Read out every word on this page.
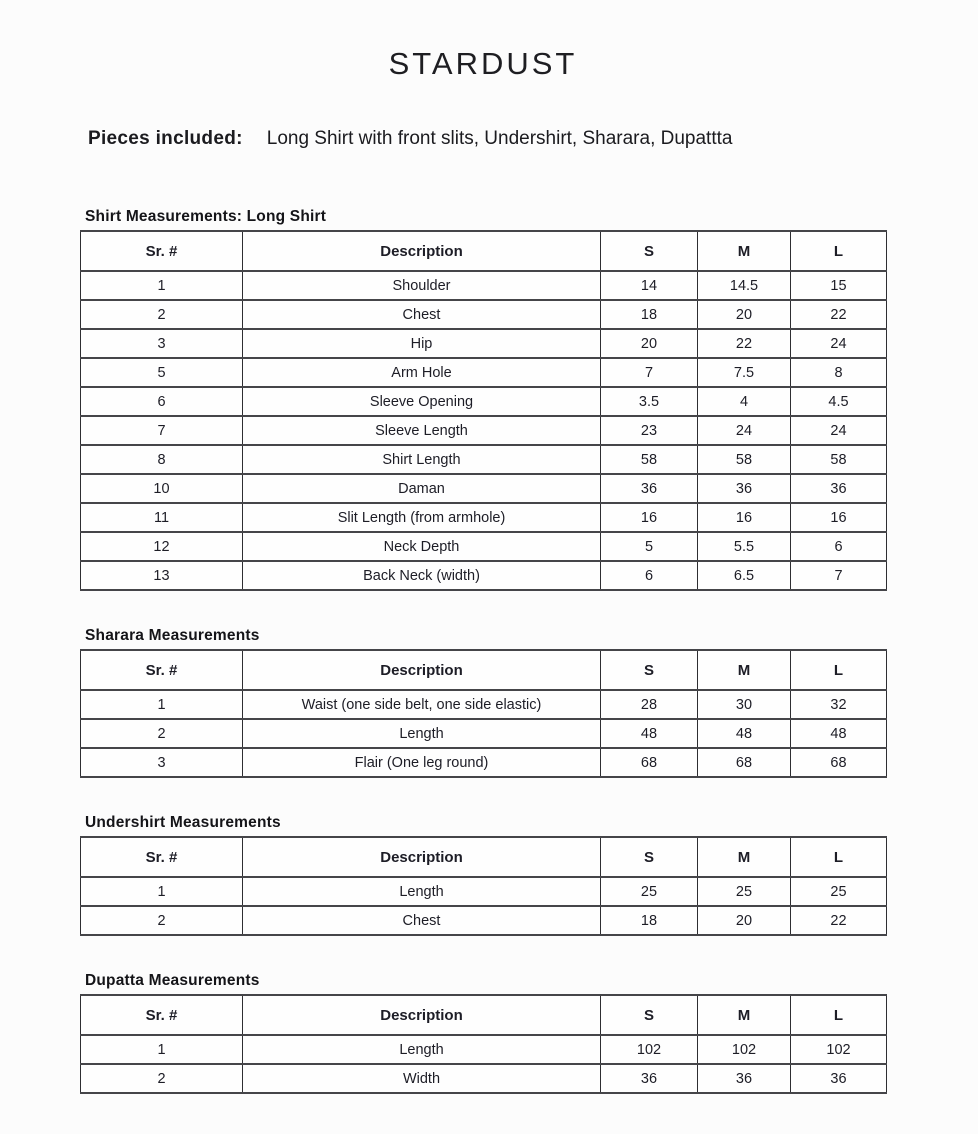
STARDUST
Pieces included: Long Shirt with front slits, Undershirt, Sharara, Dupattta
Shirt Measurements: Long Shirt
Sr. #	Description	S	M	L
1	Shoulder	14	14.5	15
2	Chest	18	20	22
3	Hip	20	22	24
5	Arm Hole	7	7.5	8
6	Sleeve Opening	3.5	4	4.5
7	Sleeve Length	23	24	24
8	Shirt Length	58	58	58
10	Daman	36	36	36
11	Slit Length (from armhole)	16	16	16
12	Neck Depth	5	5.5	6
13	Back Neck (width)	6	6.5	7
Sharara Measurements
Sr. #	Description	S	M	L
1	Waist (one side belt, one side elastic)	28	30	32
2	Length	48	48	48
3	Flair (One leg round)	68	68	68
Undershirt Measurements
Sr. #	Description	S	M	L
1	Length	25	25	25
2	Chest	18	20	22
Dupatta Measurements
Sr. #	Description	S	M	L
1	Length	102	102	102
2	Width	36	36	36
